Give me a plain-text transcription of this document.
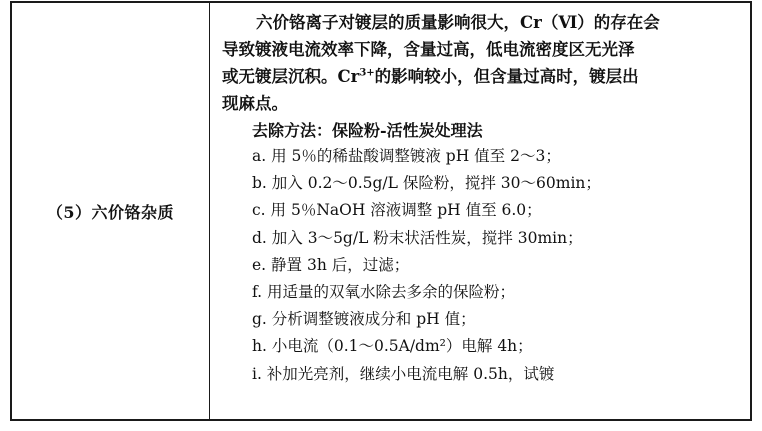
（5）六价铬杂质
六价铬离子对镀层的质量影响很大，Cr（Ⅵ）的存在会
导致镀液电流效率下降，含量过高，低电流密度区无光泽
或无镀层沉积。$Cr^{3+}$的影响较小，但含量过高时，镀层出
现麻点。
去除方法：保险粉-活性炭处理法
a. 用 5％的稀盐酸调整镀液 pH 值至 2～3；
b. 加入 0.2～0.5g/L 保险粉，搅拌 30～60min；
c. 用 5％NaOH 溶液调整 pH 值至 6.0；
d. 加入 3～5g/L 粉末状活性炭，搅拌 30min；
e. 静置 3h 后，过滤；
f. 用适量的双氧水除去多余的保险粉；
g. 分析调整镀液成分和 pH 值；
h. 小电流（0.1～0.5A/dm²）电解 4h；
i. 补加光亮剂，继续小电流电解 0.5h，试镀
